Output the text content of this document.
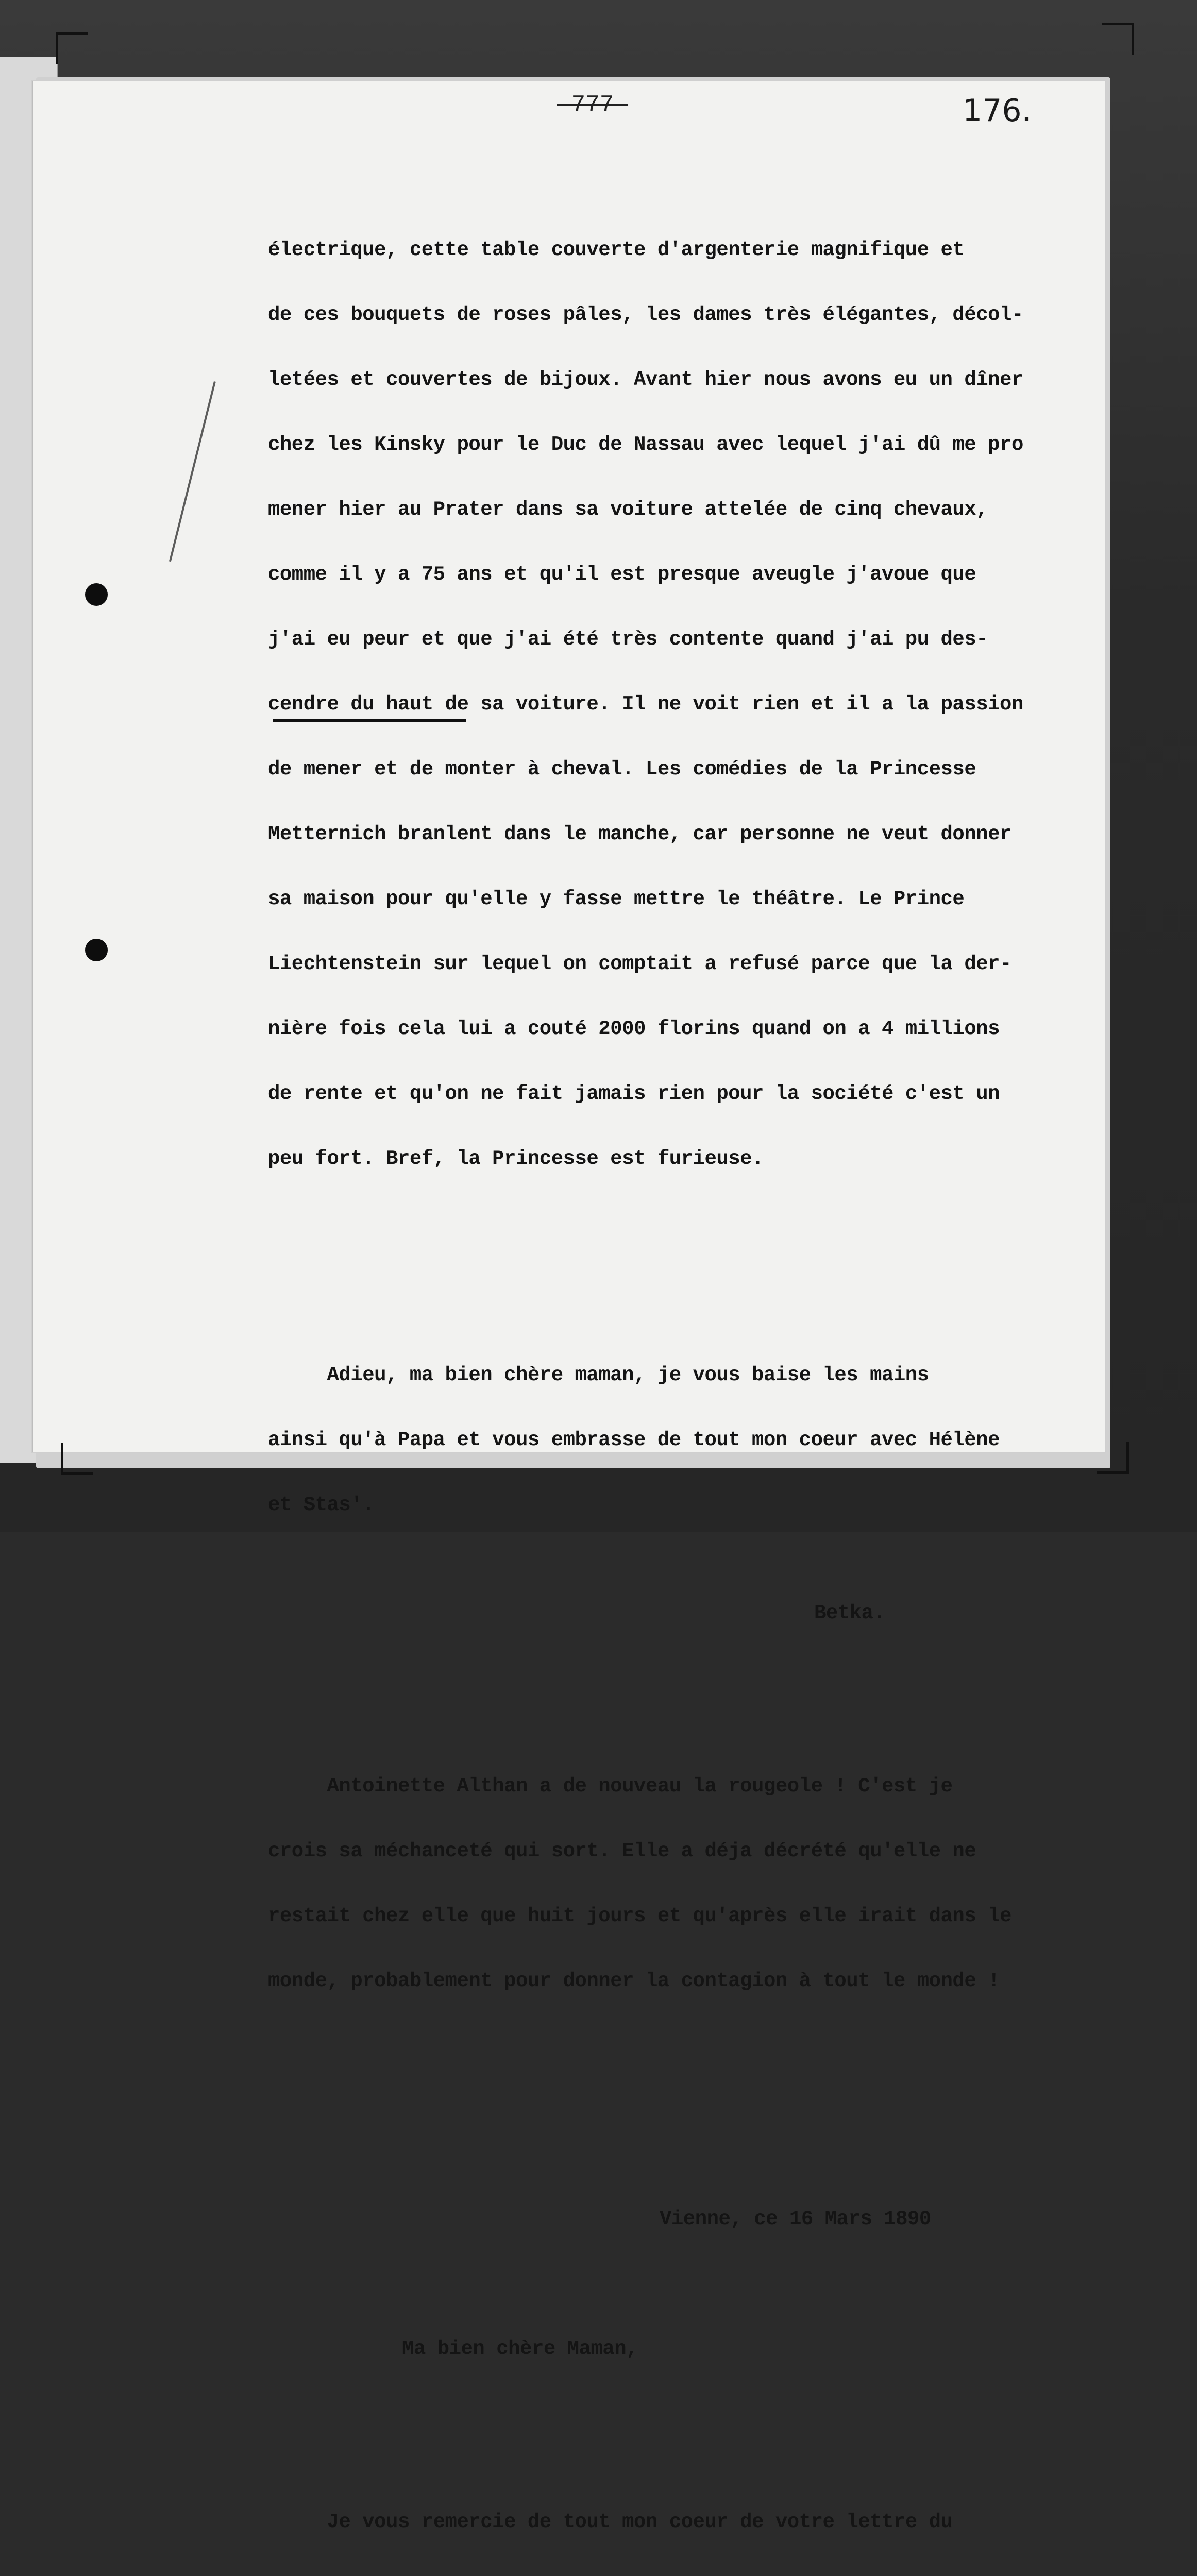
-777-	176.

électrique, cette table couverte d'argenterie magnifique et

de ces bouquets de roses pâles, les dames très élégantes, décol-

letées et couvertes de bijoux. Avant hier nous avons eu un dîner

chez les Kinsky pour le Duc de Nassau avec lequel j'ai dû me pro

mener hier au Prater dans sa voiture attelée de cinq chevaux,

comme il y a 75 ans et qu'il est presque aveugle j'avoue que

j'ai eu peur et que j'ai été très contente quand j'ai pu des-

cendre du haut de sa voiture. Il ne voit rien et il a la passion

de mener et de monter à cheval. Les comédies de la Princesse

Metternich branlent dans le manche, car personne ne veut donner

sa maison pour qu'elle y fasse mettre le théâtre. Le Prince

Liechtenstein sur lequel on comptait a refusé parce que la der-

nière fois cela lui a couté 2000 florins quand on a 4 millions

de rente et qu'on ne fait jamais rien pour la société c'est un

peu fort. Bref, la Princesse est furieuse.

Adieu, ma bien chère maman, je vous baise les mains

ainsi qu'à Papa et vous embrasse de tout mon coeur avec Hélène

et Stas'.

Betka.

Antoinette Althan a de nouveau la rougeole ! C'est je

crois sa méchanceté qui sort. Elle a déja décrété qu'elle ne

restait chez elle que huit jours et qu'après elle irait dans le

monde, probablement pour donner la contagion à tout le monde !

Vienne, ce 16 Mars 1890

Ma bien chère Maman,

Je vous remercie de tout mon coeur de votre lettre du
